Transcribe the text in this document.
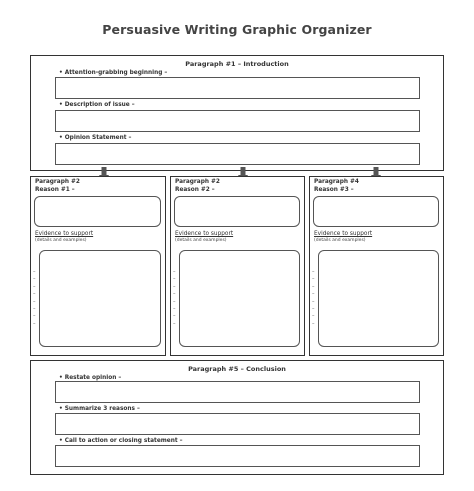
Persuasive Writing Graphic Organizer
Paragraph #1 – Introduction
• Attention-grabbing beginning –
• Description of issue –
• Opinion Statement –
Paragraph #2
Reason #1 –
Evidence to support
(details and examples)
–
–
–
–
–
–
–
–
Paragraph #2
Reason #2 –
Evidence to support
(details and examples)
–
–
–
–
–
–
–
–
Paragraph #4
Reason #3 –
Evidence to support
(details and examples)
–
–
–
–
–
–
–
–
Paragraph #5 – Conclusion
• Restate opinion –
• Summarize 3 reasons –
• Call to action or closing statement –
